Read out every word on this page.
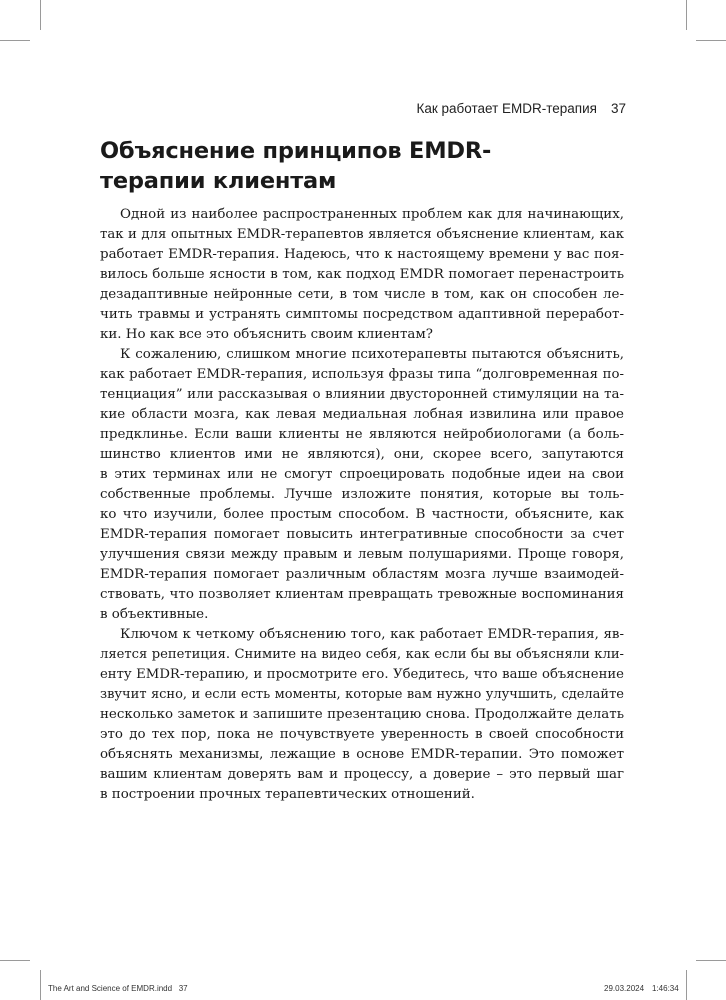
Как работает EMDR-терапия 37
Объяснение принципов EMDR-
терапии клиентам

Одной из наиболее распространенных проблем как для начинающих,
так и для опытных EMDR-терапевтов является объяснение клиентам, как
работает EMDR-терапия. Надеюсь, что к настоящему времени у вас поя-
вилось больше ясности в том, как подход EMDR помогает перенастроить
дезадаптивные нейронные сети, в том числе в том, как он способен ле-
чить травмы и устранять симптомы посредством адаптивной переработ-
ки. Но как все это объяснить своим клиентам?

К сожалению, слишком многие психотерапевты пытаются объяснить,
как работает EMDR-терапия, используя фразы типа “долговременная по-
тенциация” или рассказывая о влиянии двусторонней стимуляции на та-
кие области мозга, как левая медиальная лобная извилина или правое
предклинье. Если ваши клиенты не являются нейробиологами (а боль-
шинство клиентов ими не являются), они, скорее всего, запутаются
в этих терминах или не смогут спроецировать подобные идеи на свои
собственные проблемы. Лучше изложите понятия, которые вы толь-
ко что изучили, более простым способом. В частности, объясните, как
EMDR-терапия помогает повысить интегративные способности за счет
улучшения связи между правым и левым полушариями. Проще говоря,
EMDR-терапия помогает различным областям мозга лучше взаимодей-
ствовать, что позволяет клиентам превращать тревожные воспоминания
в объективные.

Ключом к четкому объяснению того, как работает EMDR-терапия, яв-
ляется репетиция. Снимите на видео себя, как если бы вы объясняли кли-
енту EMDR-терапию, и просмотрите его. Убедитесь, что ваше объяснение
звучит ясно, и если есть моменты, которые вам нужно улучшить, сделайте
несколько заметок и запишите презентацию снова. Продолжайте делать
это до тех пор, пока не почувствуете уверенность в своей способности
объяснять механизмы, лежащие в основе EMDR-терапии. Это поможет
вашим клиентам доверять вам и процессу, а доверие – это первый шаг
в построении прочных терапевтических отношений.

The Art and Science of EMDR.indd   37	29.03.2024 1:46:34
